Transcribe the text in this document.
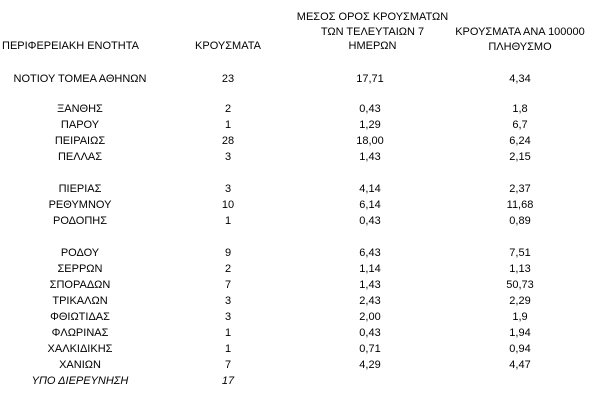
ΠΕΡΙΦΕΡΕΙΑΚΗ ΕΝΟΤΗΤΑ	ΚΡΟΥΣΜΑΤΑ
ΜΕΣΟΣ ΟΡΟΣ ΚΡΟΥΣΜΑΤΩΝ
ΤΩΝ ΤΕΛΕΥΤΑΙΩΝ 7
ΗΜΕΡΩΝ
ΚΡΟΥΣΜΑΤΑ ΑΝΑ 100000
ΠΛΗΘΥΣΜΟ
ΝΟΤΙΟΥ ΤΟΜΕΑ ΑΘΗΝΩΝ	23	17,71	4,34
ΞΑΝΘΗΣ	2	0,43	1,8
ΠΑΡΟΥ	1	1,29	6,7
ΠΕΙΡΑΙΩΣ	28	18,00	6,24
ΠΕΛΛΑΣ	3	1,43	2,15
ΠΙΕΡΙΑΣ	3	4,14	2,37
ΡΕΘΥΜΝΟΥ	10	6,14	11,68
ΡΟΔΟΠΗΣ	1	0,43	0,89
ΡΟΔΟΥ	9	6,43	7,51
ΣΕΡΡΩΝ	2	1,14	1,13
ΣΠΟΡΑΔΩΝ	7	1,43	50,73
ΤΡΙΚΑΛΩΝ	3	2,43	2,29
ΦΘΙΩΤΙΔΑΣ	3	2,00	1,9
ΦΛΩΡΙΝΑΣ	1	0,43	1,94
ΧΑΛΚΙΔΙΚΗΣ	1	0,71	0,94
ΧΑΝΙΩΝ	7	4,29	4,47
ΥΠΟ ΔΙΕΡΕΥΝΗΣΗ	17
